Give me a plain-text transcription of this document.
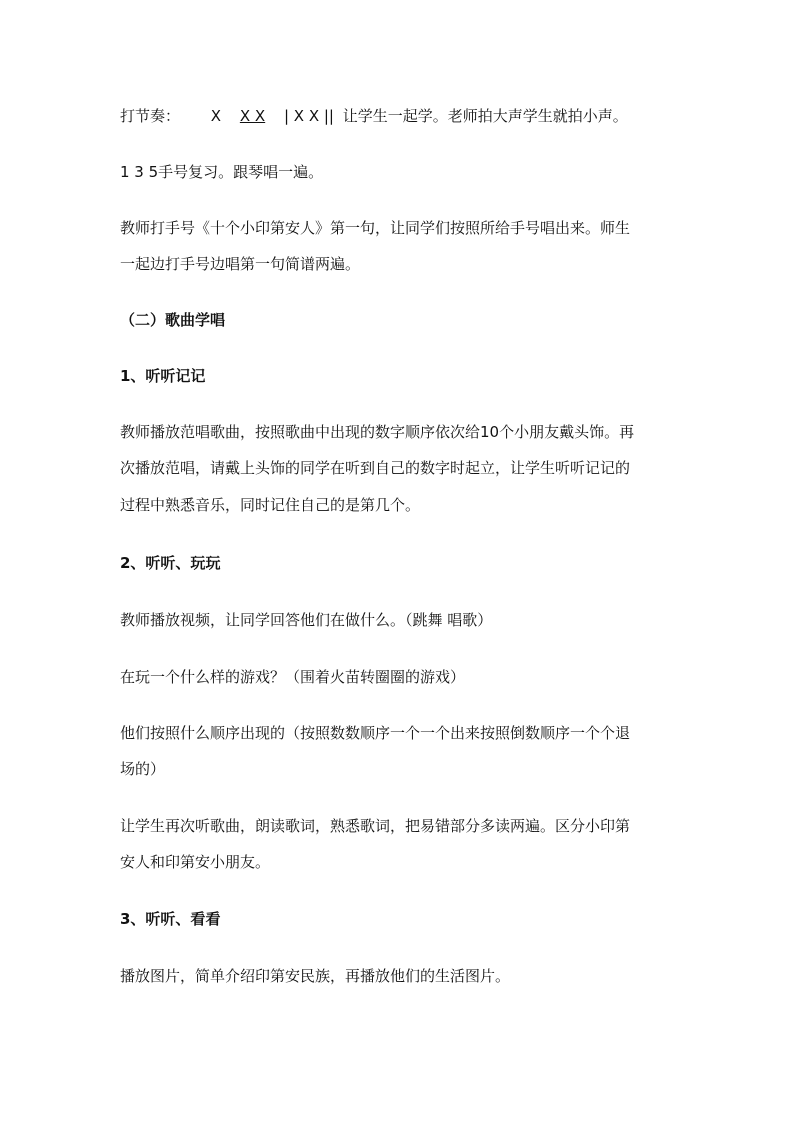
打节奏： X X X | X X || 让学生一起学。老师拍大声学生就拍小声。

1 3 5手号复习。跟琴唱一遍。

教师打手号《十个小印第安人》第一句，让同学们按照所给手号唱出来。师生

一起边打手号边唱第一句简谱两遍。

（二）歌曲学唱

1、听听记记

教师播放范唱歌曲，按照歌曲中出现的数字顺序依次给10个小朋友戴头饰。再

次播放范唱，请戴上头饰的同学在听到自己的数字时起立，让学生听听记记的

过程中熟悉音乐，同时记住自己的是第几个。

2、听听、玩玩

教师播放视频，让同学回答他们在做什么。（跳舞 唱歌）

在玩一个什么样的游戏？（围着火苗转圈圈的游戏）

他们按照什么顺序出现的（按照数数顺序一个一个出来按照倒数顺序一个个退

场的）

让学生再次听歌曲，朗读歌词，熟悉歌词，把易错部分多读两遍。区分小印第

安人和印第安小朋友。

3、听听、看看

播放图片，简单介绍印第安民族，再播放他们的生活图片。
